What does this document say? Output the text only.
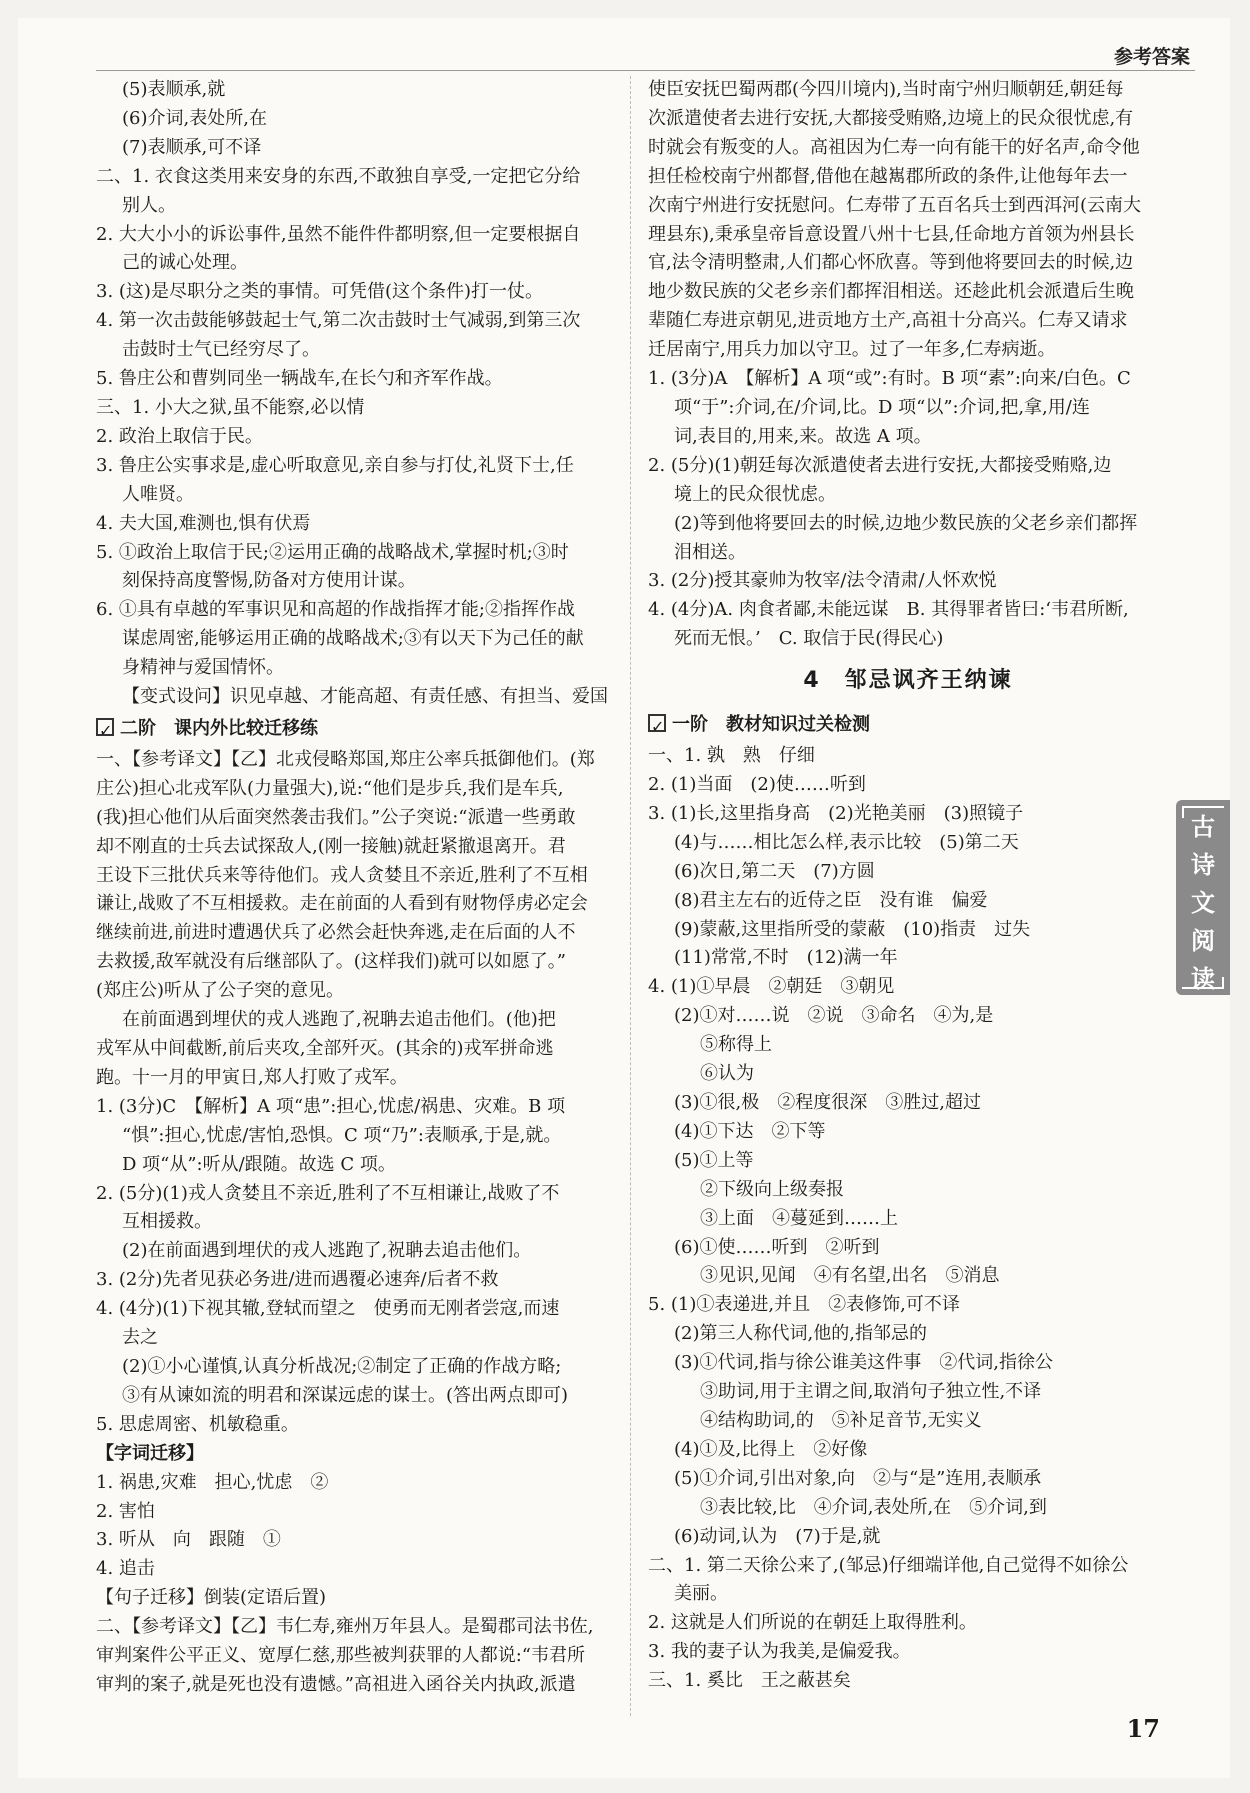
参考答案
(5)表顺承,就
(6)介词,表处所,在
(7)表顺承,可不译
二、1. 衣食这类用来安身的东西,不敢独自享受,一定把它分给
别人。
2. 大大小小的诉讼事件,虽然不能件件都明察,但一定要根据自
己的诚心处理。
3. (这)是尽职分之类的事情。可凭借(这个条件)打一仗。
4. 第一次击鼓能够鼓起士气,第二次击鼓时士气减弱,到第三次
击鼓时士气已经穷尽了。
5. 鲁庄公和曹刿同坐一辆战车,在长勺和齐军作战。
三、1. 小大之狱,虽不能察,必以情
2. 政治上取信于民。
3. 鲁庄公实事求是,虚心听取意见,亲自参与打仗,礼贤下士,任
人唯贤。
4. 夫大国,难测也,惧有伏焉
5. ①政治上取信于民;②运用正确的战略战术,掌握时机;③时
刻保持高度警惕,防备对方使用计谋。
6. ①具有卓越的军事识见和高超的作战指挥才能;②指挥作战
谋虑周密,能够运用正确的战略战术;③有以天下为己任的献
身精神与爱国情怀。
【变式设问】识见卓越、才能高超、有责任感、有担当、爱国
✓二阶　课内外比较迁移练
一、【参考译文】【乙】北戎侵略郑国,郑庄公率兵抵御他们。(郑
庄公)担心北戎军队(力量强大),说:“他们是步兵,我们是车兵,
(我)担心他们从后面突然袭击我们。”公子突说:“派遣一些勇敢
却不刚直的士兵去试探敌人,(刚一接触)就赶紧撤退离开。君
王设下三批伏兵来等待他们。戎人贪婪且不亲近,胜利了不互相
谦让,战败了不互相援救。走在前面的人看到有财物俘虏必定会
继续前进,前进时遭遇伏兵了必然会赶快奔逃,走在后面的人不
去救援,敌军就没有后继部队了。(这样我们)就可以如愿了。”
(郑庄公)听从了公子突的意见。
在前面遇到埋伏的戎人逃跑了,祝聃去追击他们。(他)把
戎军从中间截断,前后夹攻,全部歼灭。(其余的)戎军拼命逃
跑。十一月的甲寅日,郑人打败了戎军。
1. (3分)C　【解析】A 项“患”:担心,忧虑/祸患、灾难。B 项
“惧”:担心,忧虑/害怕,恐惧。C 项“乃”:表顺承,于是,就。
D 项“从”:听从/跟随。故选 C 项。
2. (5分)(1)戎人贪婪且不亲近,胜利了不互相谦让,战败了不
互相援救。
(2)在前面遇到埋伏的戎人逃跑了,祝聃去追击他们。
3. (2分)先者见获必务进/进而遇覆必速奔/后者不救
4. (4分)(1)下视其辙,登轼而望之　使勇而无刚者尝寇,而速
去之
(2)①小心谨慎,认真分析战况;②制定了正确的作战方略;
③有从谏如流的明君和深谋远虑的谋士。(答出两点即可)
5. 思虑周密、机敏稳重。
【字词迁移】
1. 祸患,灾难　担心,忧虑　②
2. 害怕
3. 听从　向　跟随　①
4. 追击
【句子迁移】倒装(定语后置)
二、【参考译文】【乙】韦仁寿,雍州万年县人。是蜀郡司法书佐,
审判案件公平正义、宽厚仁慈,那些被判获罪的人都说:“韦君所
审判的案子,就是死也没有遗憾。”高祖进入函谷关内执政,派遣
使臣安抚巴蜀两郡(今四川境内),当时南宁州归顺朝廷,朝廷每
次派遣使者去进行安抚,大都接受贿赂,边境上的民众很忧虑,有
时就会有叛变的人。高祖因为仁寿一向有能干的好名声,命令他
担任检校南宁州都督,借他在越嶲郡所政的条件,让他每年去一
次南宁州进行安抚慰问。仁寿带了五百名兵士到西洱河(云南大
理县东),秉承皇帝旨意设置八州十七县,任命地方首领为州县长
官,法令清明整肃,人们都心怀欣喜。等到他将要回去的时候,边
地少数民族的父老乡亲们都挥泪相送。还趁此机会派遣后生晚
辈随仁寿进京朝见,进贡地方土产,高祖十分高兴。仁寿又请求
迁居南宁,用兵力加以守卫。过了一年多,仁寿病逝。
1. (3分)A　【解析】A 项“或”:有时。B 项“素”:向来/白色。C
项“于”:介词,在/介词,比。D 项“以”:介词,把,拿,用/连
词,表目的,用来,来。故选 A 项。
2. (5分)(1)朝廷每次派遣使者去进行安抚,大都接受贿赂,边
境上的民众很忧虑。
(2)等到他将要回去的时候,边地少数民族的父老乡亲们都挥
泪相送。
3. (2分)授其豪帅为牧宰/法令清肃/人怀欢悦
4. (4分)A. 肉食者鄙,未能远谋　B. 其得罪者皆曰:‘韦君所断,
死而无恨。’　C. 取信于民(得民心)
4　邹忌讽齐王纳谏
✓一阶　教材知识过关检测
一、1. 孰　熟　仔细
2. (1)当面　(2)使……听到
3. (1)长,这里指身高　(2)光艳美丽　(3)照镜子
(4)与……相比怎么样,表示比较　(5)第二天
(6)次日,第二天　(7)方圆
(8)君主左右的近侍之臣　没有谁　偏爱
(9)蒙蔽,这里指所受的蒙蔽　(10)指责　过失
(11)常常,不时　(12)满一年
4. (1)①早晨　②朝廷　③朝见
(2)①对……说　②说　③命名　④为,是
⑤称得上
⑥认为
(3)①很,极　②程度很深　③胜过,超过
(4)①下达　②下等
(5)①上等
②下级向上级奏报
③上面　④蔓延到……上
(6)①使……听到　②听到
③见识,见闻　④有名望,出名　⑤消息
5. (1)①表递进,并且　②表修饰,可不译
(2)第三人称代词,他的,指邹忌的
(3)①代词,指与徐公谁美这件事　②代词,指徐公
③助词,用于主谓之间,取消句子独立性,不译
④结构助词,的　⑤补足音节,无实义
(4)①及,比得上　②好像
(5)①介词,引出对象,向　②与“是”连用,表顺承
③表比较,比　④介词,表处所,在　⑤介词,到
(6)动词,认为　(7)于是,就
二、1. 第二天徐公来了,(邹忌)仔细端详他,自己觉得不如徐公
美丽。
2. 这就是人们所说的在朝廷上取得胜利。
3. 我的妻子认为我美,是偏爱我。
三、1. 奚比　王之蔽甚矣
古
诗
文
阅
读
17
